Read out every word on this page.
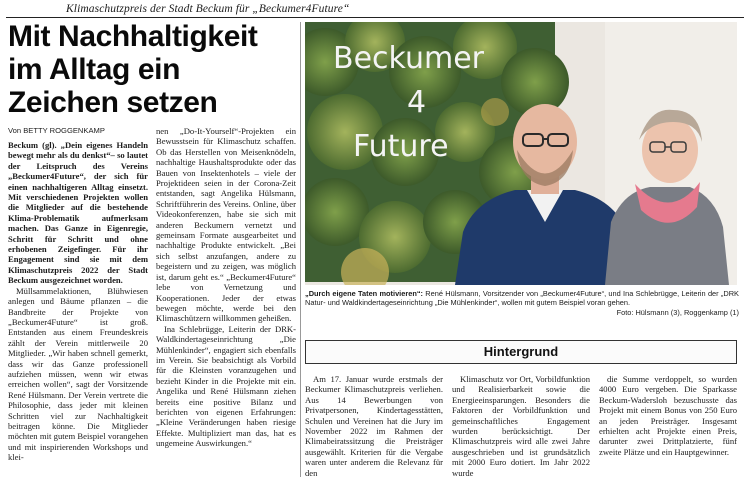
Klimaschutzpreis der Stadt Beckum für „Beckumer4Future“
Mit Nachhaltigkeit
im Alltag ein
Zeichen setzen
Von BETTY ROGGENKAMP

Beckum (gl). „Dein eigenes Handeln bewegt mehr als du denkst“– so lautet der Leitspruch des Vereins „Beckumer4Future“, der sich für einen nachhaltigeren Alltag einsetzt. Mit verschiedenen Projekten wollen die Mitglieder auf die bestehende Klima-Problematik aufmerksam machen. Das Ganze in Eigenregie, Schritt für Schritt und ohne erhobenen Zeigefinger. Für ihr Engagement sind sie mit dem Klimaschutzpreis 2022 der Stadt Beckum ausgezeichnet worden.

Müllsammelaktionen, Blühwiesen anlegen und Bäume pflanzen – die Bandbreite der Projekte von „Beckumer4Future“ ist groß. Entstanden aus einem Freundeskreis zählt der Verein mittlerweile 20 Mitglieder. „Wir haben schnell gemerkt, dass wir das Ganze professionell aufziehen müssen, wenn wir etwas erreichen wollen“, sagt der Vorsitzende René Hülsmann. Der Verein vertrete die Philosophie, dass jeder mit kleinen Schritten viel zur Nachhaltigkeit beitragen könne. Die Mitglieder möchten mit gutem Beispiel vorangehen und mit inspirierenden Workshops und klei-

nen „Do-It-Yourself“-Projekten ein Bewusstsein für Klimaschutz schaffen. Ob das Herstellen von Meisenknödeln, nachhaltige Haushaltsprodukte oder das Bauen von Insektenhotels – viele der Projektideen seien in der Corona-Zeit entstanden, sagt Angelika Hülsmann, Schriftführerin des Vereins. Online, über Videokonferenzen, habe sie sich mit anderen Beckumern vernetzt und gemeinsam Formate ausgearbeitet und nachhaltige Produkte entwickelt. „Bei sich selbst anzufangen, andere zu begeistern und zu zeigen, was möglich ist, darum geht es.“ „Beckumer4Future“ lebe von Vernetzung und Kooperationen. Jeder der etwas bewegen möchte, werde bei den Klimaschützern willkommen geheißen.

Ina Schlebrügge, Leiterin der DRK-Waldkindertageseinrichtung „Die Mühlenkinder“, engagiert sich ebenfalls im Verein. Sie beabsichtigt als Vorbild für die Kleinsten voranzugehen und bezieht Kinder in die Projekte mit ein. Angelika und René Hülsmann ziehen bereits eine positive Bilanz und berichten von eigenen Erfahrungen: „Kleine Veränderungen haben riesige Effekte. Multipliziert man das, hat es ungemeine Auswirkungen.“

Beckumer
4
Future
„Durch eigene Taten motivieren“: René Hülsmann, Vorsitzender von „Beckumer4Future“, und Ina Schlebrügge, Leiterin der „DRK Natur- und Waldkindertageseinrichtung „Die Mühlenkinder“, wollen mit gutem Beispiel voran gehen.
Foto: Hülsmann (3), Roggenkamp (1)
Hintergrund

Am 17. Januar wurde erstmals der Beckumer Klimaschutzpreis verliehen. Aus 14 Bewerbungen von Privatpersonen, Kindertagesstätten, Schulen und Vereinen hat die Jury im November 2022 im Rahmen der Klimabeiratssitzung die Preisträger ausgewählt. Kriterien für die Vergabe waren unter anderem die Relevanz für den

Klimaschutz vor Ort, Vorbildfunktion und Realisierbarkeit sowie die Energieeinsparungen. Besonders die Faktoren der Vorbildfunktion und gemeinschaftliches Engagement wurden berücksichtigt. Der Klimaschutzpreis wird alle zwei Jahre ausgeschrieben und ist grundsätzlich mit 2000 Euro dotiert. Im Jahr 2022 wurde

die Summe verdoppelt, so wurden 4000 Euro vergeben. Die Sparkasse Beckum-Wadersloh bezuschusste das Projekt mit einem Bonus von 250 Euro an jeden Preisträger. Insgesamt erhielten acht Projekte einen Preis, darunter zwei Drittplatzierte, fünf zweite Plätze und ein Hauptgewinner.
